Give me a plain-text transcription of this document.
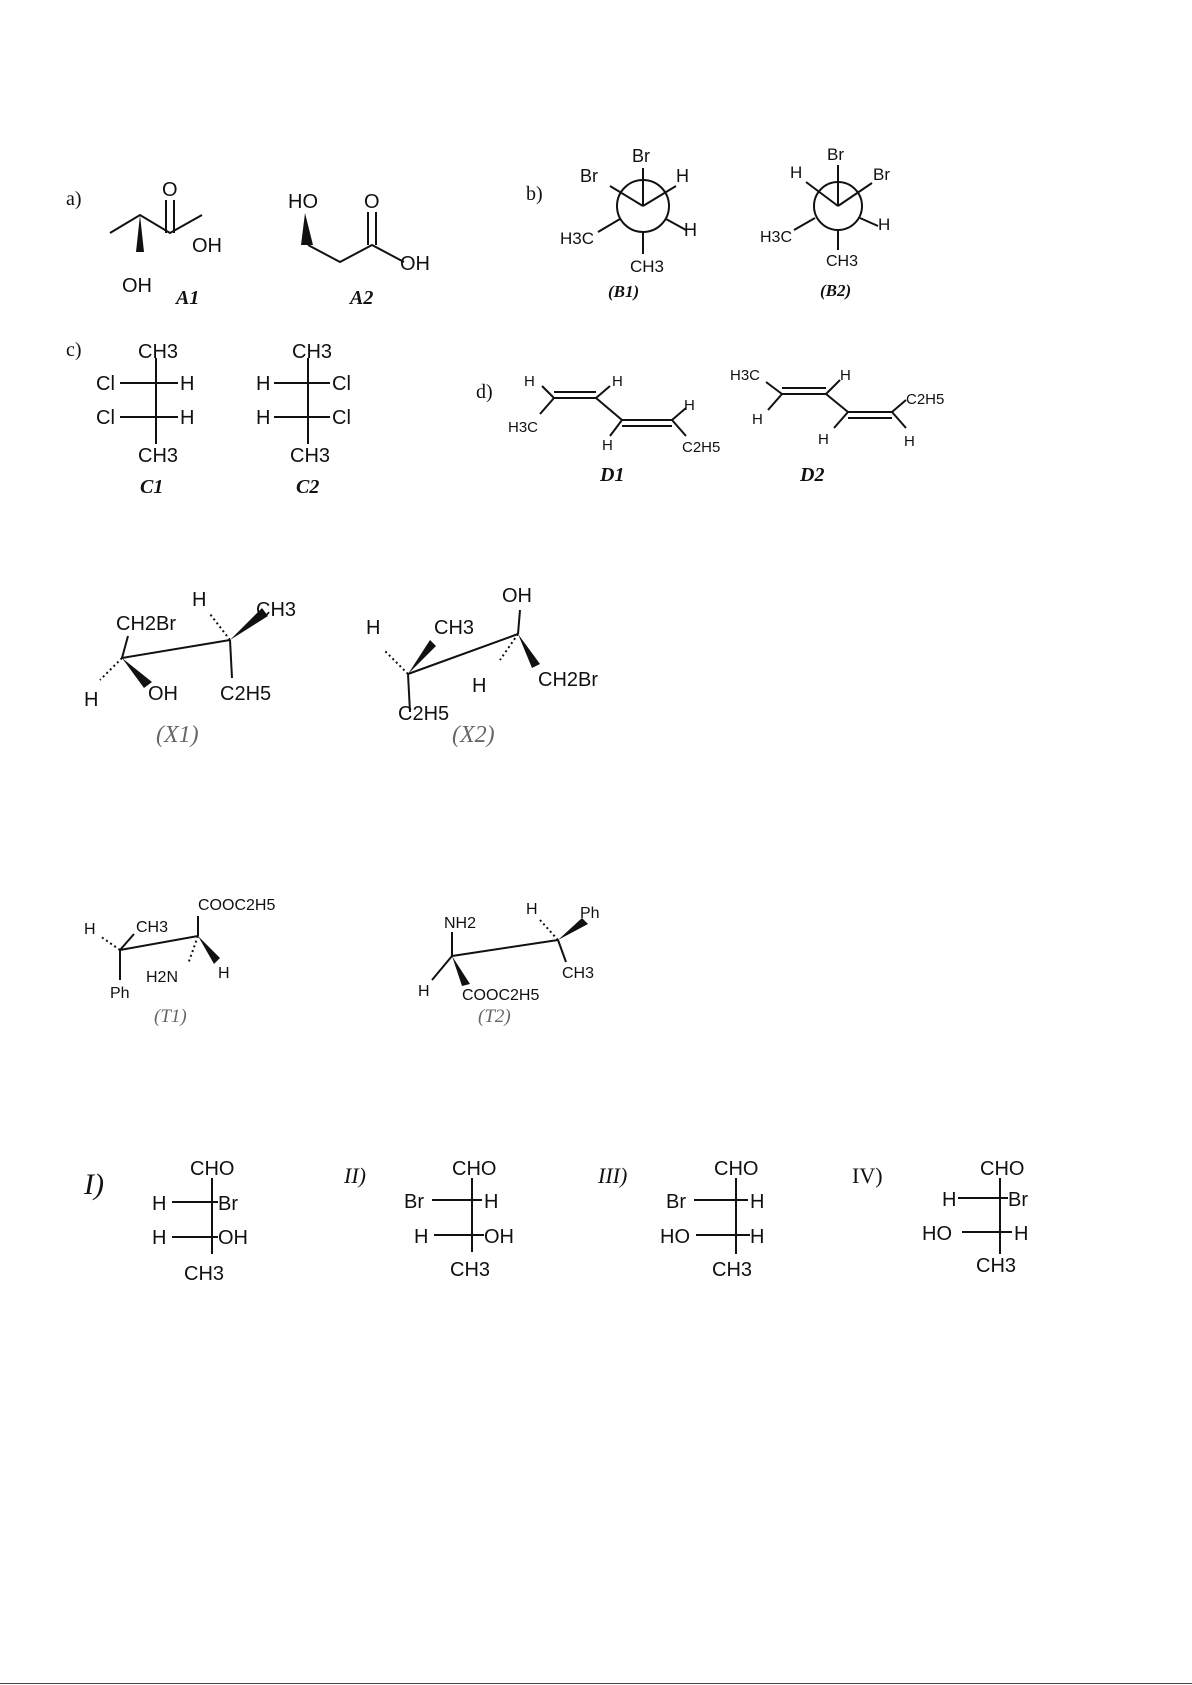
a)	O
OH
OH
A1
HO O
OH
A2
b)
Br
Br	H
H
H3C
CH3
(B1)
Br
H	Br
H
H3C
CH3
(B2)
c)	CH3
Cl	H
Cl	H
CH3
C1
CH3
H	Cl
H	Cl
CH3
C2
d) H	H
H3C
H
H	C2H5
D1
H3C	H
H
C2H5
H	H
D2
CH2Br
H OH
H CH3
C2H5
(X1)
H	CH3
OH
H	CH2Br
C2H5
(X2)
COOC2H5
CH3
H
H2N H
Ph
(T1)
NH2
H	Ph
CH3
H COOC2H5
(T2)
I)	CHO
H	Br
H	OH
CH3
II)	CHO
Br	H
H	OH
CH3
III)	CHO
Br	H
HO	H
CH3
IV)	CHO
H	Br
HO	H
CH3
